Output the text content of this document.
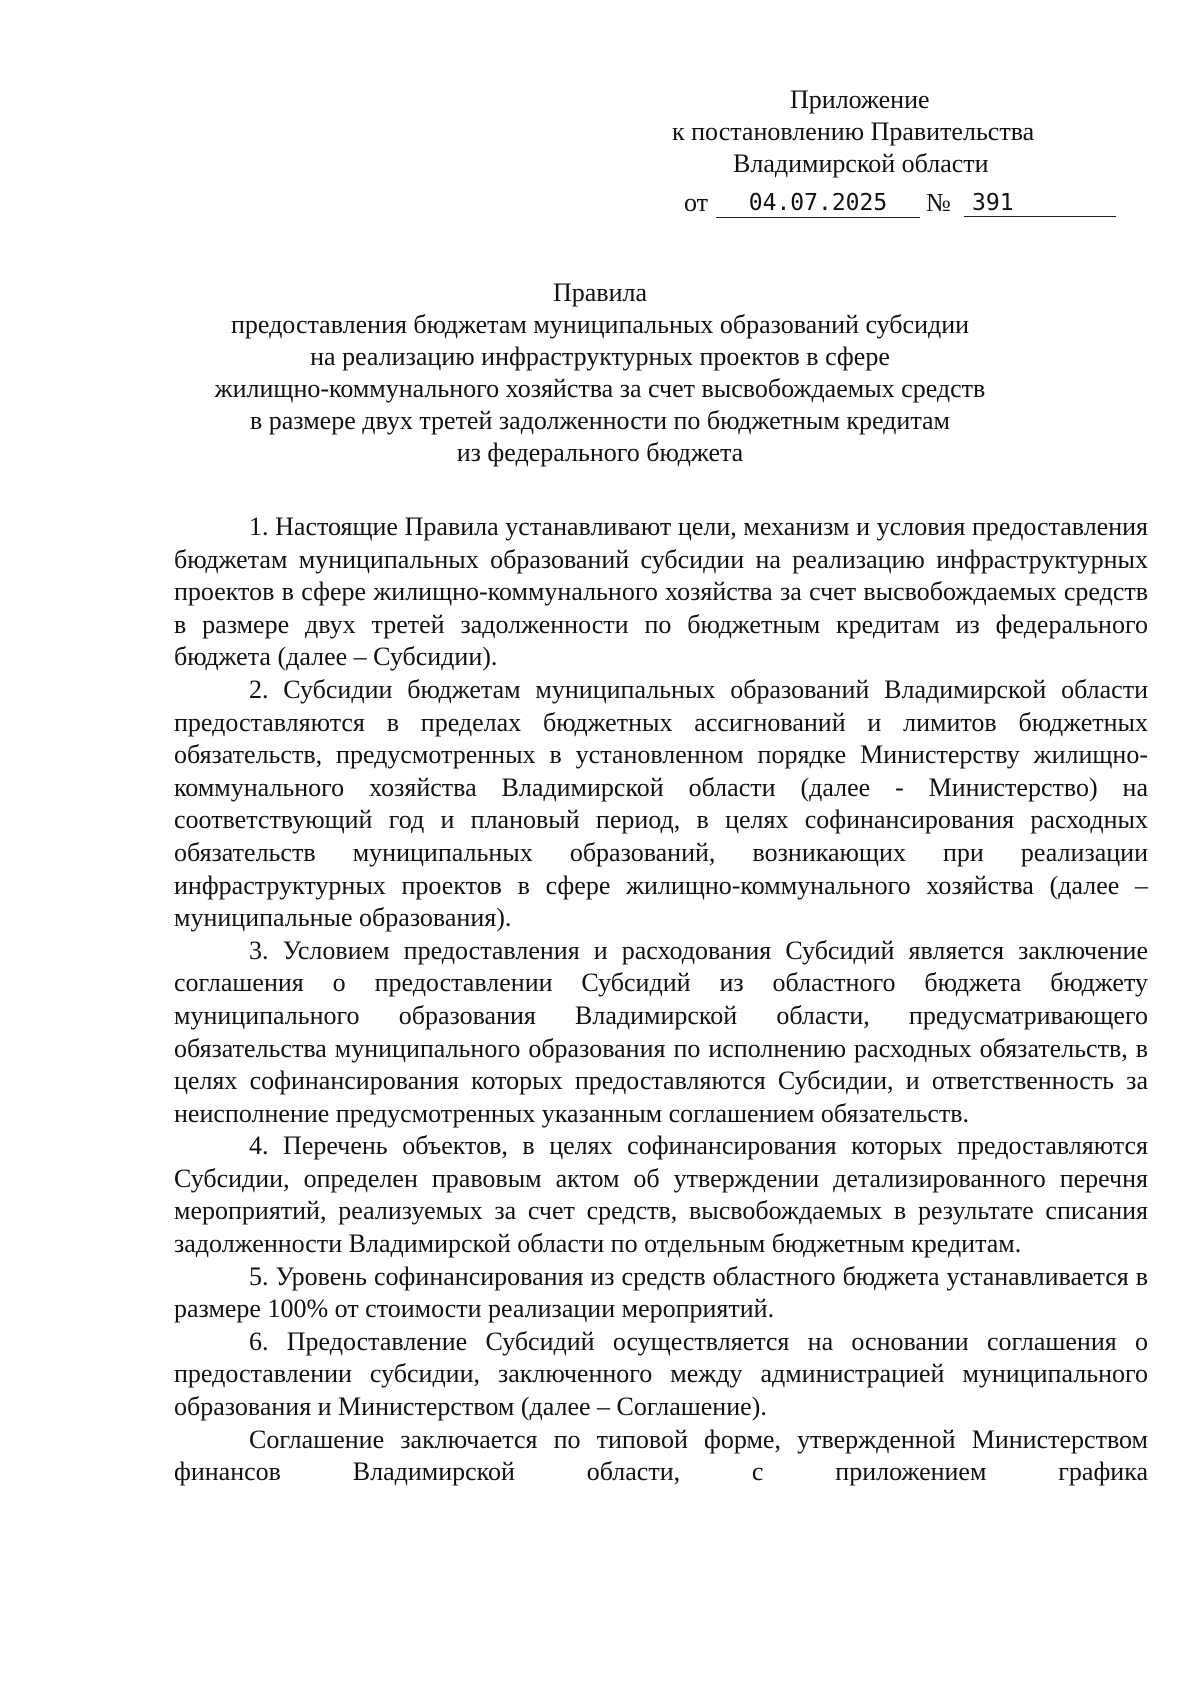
Приложение
к постановлению Правительства
Владимирской области
от	04.07.2025	№ 391
Правила
предоставления бюджетам муниципальных образований субсидии
на реализацию инфраструктурных проектов в сфере
жилищно-коммунального хозяйства за счет высвобождаемых средств
в размере двух третей задолженности по бюджетным кредитам
из федерального бюджета

1. Настоящие Правила устанавливают цели, механизм и условия предоставления бюджетам муниципальных образований субсидии на реализацию инфраструктурных проектов в сфере жилищно-коммунального хозяйства за счет высвобождаемых средств в размере двух третей задолженности по бюджетным кредитам из федерального бюджета (далее – Субсидии).

2. Субсидии бюджетам муниципальных образований Владимирской области предоставляются в пределах бюджетных ассигнований и лимитов бюджетных обязательств, предусмотренных в установленном порядке Министерству жилищно-коммунального хозяйства Владимирской области (далее - Министерство) на соответствующий год и плановый период, в целях софинансирования расходных обязательств муниципальных образований, возникающих при реализации инфраструктурных проектов в сфере жилищно-коммунального хозяйства (далее – муниципальные образования).

3. Условием предоставления и расходования Субсидий является заключение соглашения о предоставлении Субсидий из областного бюджета бюджету муниципального образования Владимирской области, предусматривающего обязательства муниципального образования по исполнению расходных обязательств, в целях софинансирования которых предоставляются Субсидии, и ответственность за неисполнение предусмотренных указанным соглашением обязательств.

4. Перечень объектов, в целях софинансирования которых предоставляются Субсидии, определен правовым актом об утверждении детализированного перечня мероприятий, реализуемых за счет средств, высвобождаемых в результате списания задолженности Владимирской области по отдельным бюджетным кредитам.

5. Уровень софинансирования из средств областного бюджета устанавливается в размере 100% от стоимости реализации мероприятий.

6. Предоставление Субсидий осуществляется на основании соглашения о предоставлении субсидии, заключенного между администрацией муниципального образования и Министерством (далее – Соглашение).

Соглашение заключается по типовой форме, утвержденной Министерством финансов Владимирской области, с приложением графика
